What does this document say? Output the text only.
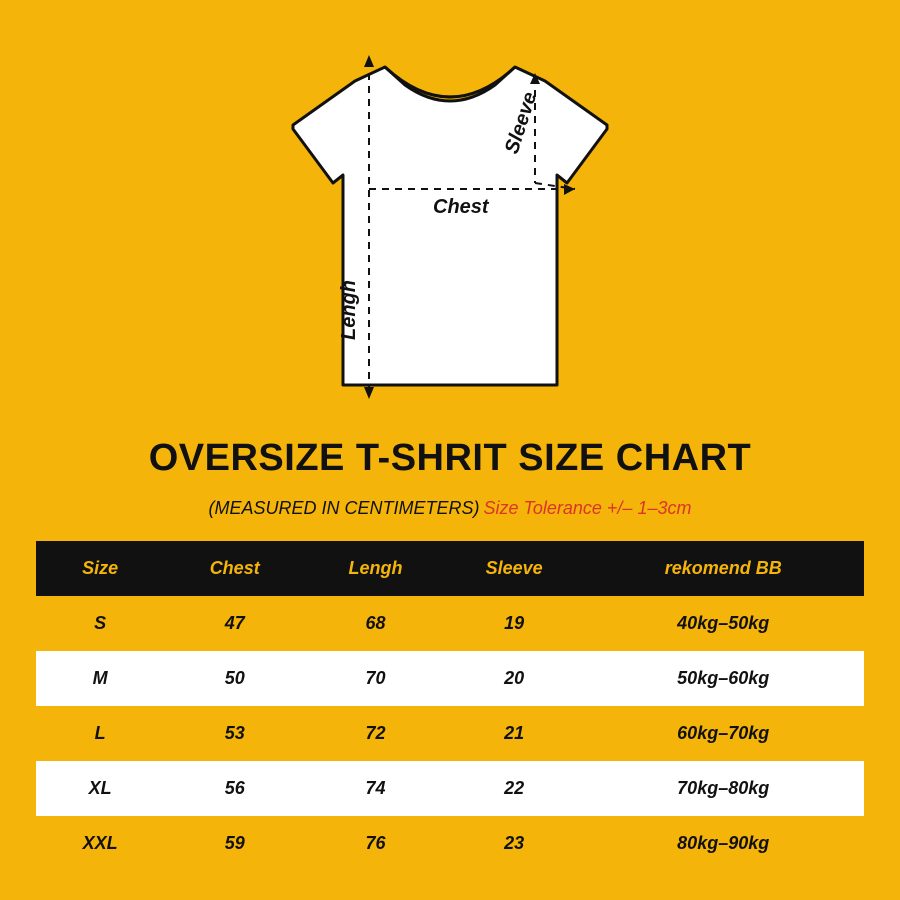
Sleeve
Chest
Lengh
OVERSIZE T-SHRIT SIZE CHART
(MEASURED IN CENTIMETERS) Size Tolerance +/– 1–3cm
Size	Chest	Lengh	Sleeve	rekomend BB
S	47	68	19	40kg–50kg
M	50	70	20	50kg–60kg
L	53	72	21	60kg–70kg
XL	56	74	22	70kg–80kg
XXL	59	76	23	80kg–90kg
